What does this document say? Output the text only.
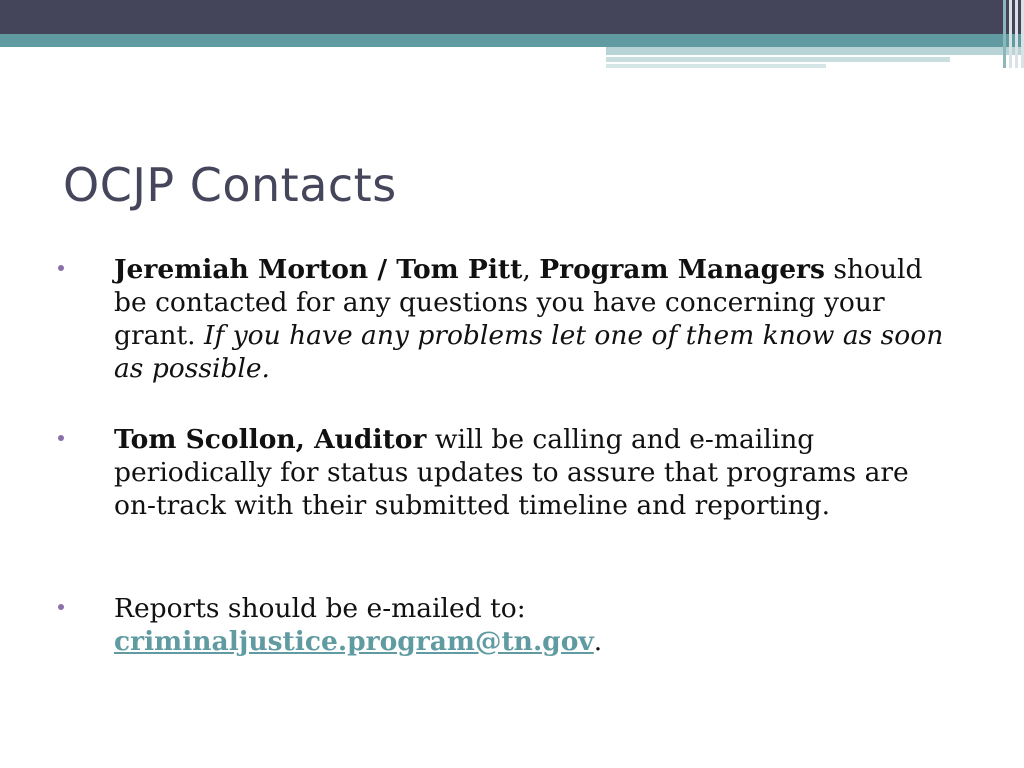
OCJP Contacts
Jeremiah Morton / Tom Pitt, Program Managers should be contacted for any questions you have concerning your grant. If you have any problems let one of them know as soon as possible.
Tom Scollon, Auditor will be calling and e-mailing periodically for status updates to assure that programs are on-track with their submitted timeline and reporting.
Reports should be e-mailed to:
criminaljustice.program@tn.gov.
